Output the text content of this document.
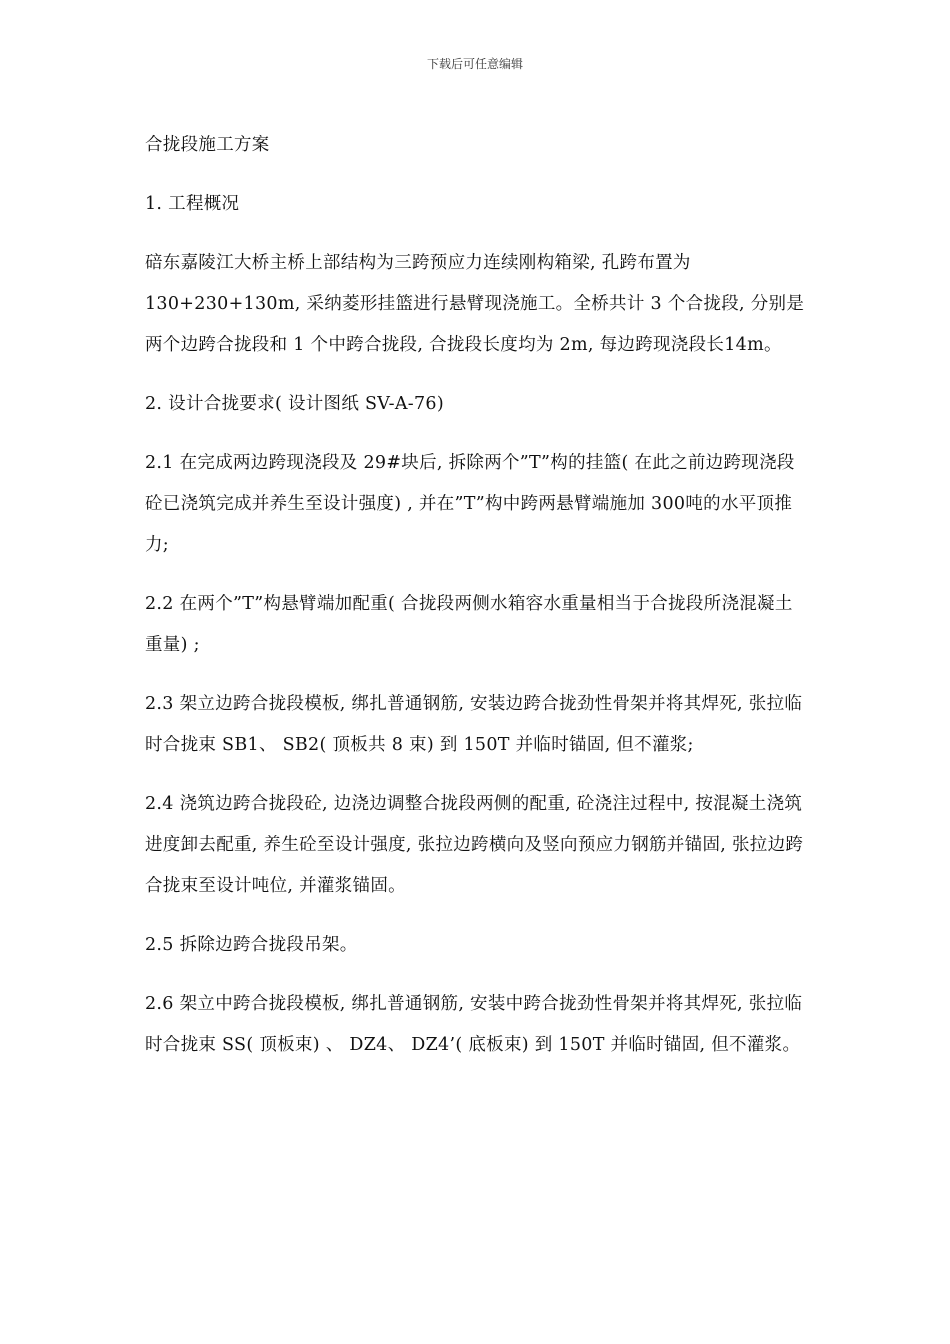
下载后可任意编辑

合拢段施工方案

1. 工程概况

碚东嘉陵江大桥主桥上部结构为三跨预应力连续刚构箱梁, 孔跨布置为130+230+130m, 采纳菱形挂篮进行悬臂现浇施工。全桥共计 3 个合拢段, 分别是两个边跨合拢段和 1 个中跨合拢段, 合拢段长度均为 2m, 每边跨现浇段长14m。

2. 设计合拢要求( 设计图纸 SV-A-76)

2.1 在完成两边跨现浇段及 29#块后, 拆除两个”T”构的挂篮( 在此之前边跨现浇段砼已浇筑完成并养生至设计强度) , 并在”T”构中跨两悬臂端施加 300吨的水平顶推力;

2.2 在两个”T”构悬臂端加配重( 合拢段两侧水箱容水重量相当于合拢段所浇混凝土重量) ;

2.3 架立边跨合拢段模板, 绑扎普通钢筋, 安装边跨合拢劲性骨架并将其焊死, 张拉临时合拢束 SB1、 SB2( 顶板共 8 束) 到 150T 并临时锚固, 但不灌浆;

2.4 浇筑边跨合拢段砼, 边浇边调整合拢段两侧的配重, 砼浇注过程中, 按混凝土浇筑进度卸去配重, 养生砼至设计强度, 张拉边跨横向及竖向预应力钢筋并锚固, 张拉边跨合拢束至设计吨位, 并灌浆锚固。

2.5 拆除边跨合拢段吊架。

2.6 架立中跨合拢段模板, 绑扎普通钢筋, 安装中跨合拢劲性骨架并将其焊死, 张拉临时合拢束 SS( 顶板束) 、 DZ4、 DZ4’( 底板束) 到 150T 并临时锚固, 但不灌浆。
